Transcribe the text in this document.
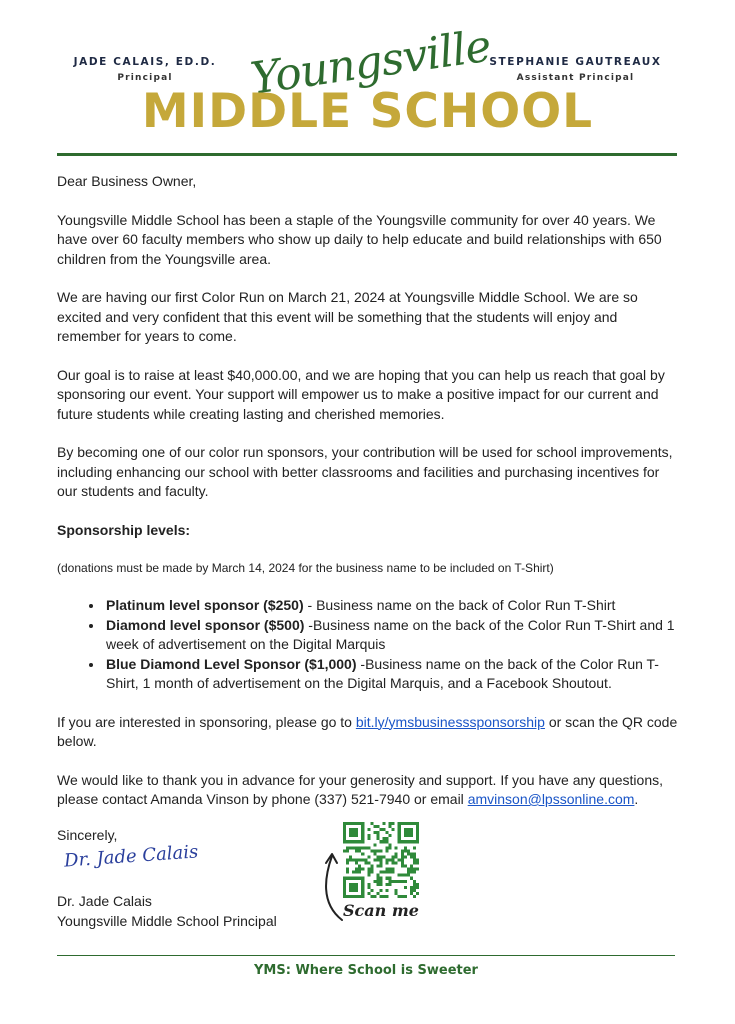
JADE CALAIS, ED.D.
Principal	Youngsville
MIDDLE SCHOOL
STEPHANIE GAUTREAUX
Assistant Principal

Dear Business Owner,

Youngsville Middle School has been a staple of the Youngsville community for over 40 years. We have over 60 faculty members who show up daily to help educate and build relationships with 650 children from the Youngsville area.

We are having our first Color Run on March 21, 2024 at Youngsville Middle School. We are so excited and very confident that this event will be something that the students will enjoy and remember for years to come.

Our goal is to raise at least $40,000.00, and we are hoping that you can help us reach that goal by sponsoring our event. Your support will empower us to make a positive impact for our current and future students while creating lasting and cherished memories.

By becoming one of our color run sponsors, your contribution will be used for school improvements, including enhancing our school with better classrooms and facilities and purchasing incentives for our students and faculty.

Sponsorship levels:

(donations must be made by March 14, 2024 for the business name to be included on T-Shirt)

• Platinum level sponsor ($250) - Business name on the back of Color Run T-Shirt
• Diamond level sponsor ($500) -Business name on the back of the Color Run T-Shirt and 1 week of advertisement on the Digital Marquis
• Blue Diamond Level Sponsor ($1,000) -Business name on the back of the Color Run T-Shirt, 1 month of advertisement on the Digital Marquis, and a Facebook Shoutout.

If you are interested in sponsoring, please go to bit.ly/ymsbusinesssponsorship or scan the QR code below.

We would like to thank you in advance for your generosity and support. If you have any questions, please contact Amanda Vinson by phone (337) 521-7940 or email amvinson@lpssonline.com.

Sincerely,
Dr. Jade Calais
Dr. Jade Calais
Youngsville Middle School Principal
Scan me
YMS: Where School is Sweeter
